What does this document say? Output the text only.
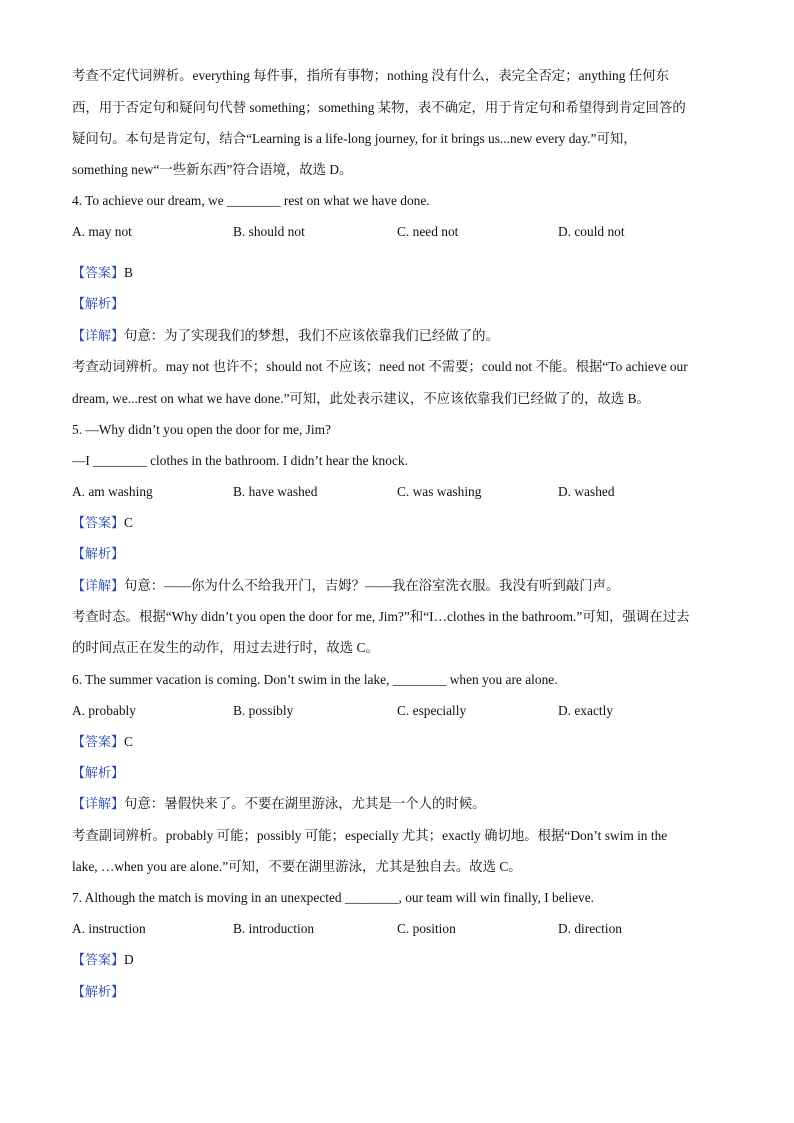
考查不定代词辨析。everything 每件事，指所有事物；nothing 没有什么，表完全否定；anything 任何东
西，用于否定句和疑问句代替 something；something 某物，表不确定，用于肯定句和希望得到肯定回答的
疑问句。本句是肯定句，结合“Learning is a life-long journey, for it brings us...new every day.”可知，
something new“一些新东西”符合语境，故选 D。
4. To achieve our dream, we ________ rest on what we have done.
A. may not	B. should not	C. need not	D. could not
【答案】B
【解析】
【详解】句意：为了实现我们的梦想，我们不应该依靠我们已经做了的。
考查动词辨析。may not 也许不；should not 不应该；need not 不需要；could not 不能。根据“To achieve our
dream, we...rest on what we have done.”可知，此处表示建议，不应该依靠我们已经做了的，故选 B。
5. —Why didn’t you open the door for me, Jim?
—I ________ clothes in the bathroom. I didn’t hear the knock.
A. am washing	B. have washed	C. was washing	D. washed
【答案】C
【解析】
【详解】句意：——你为什么不给我开门，吉姆？——我在浴室洗衣服。我没有听到敲门声。
考查时态。根据“Why didn’t you open the door for me, Jim?”和“I…clothes in the bathroom.”可知，强调在过去
的时间点正在发生的动作，用过去进行时，故选 C。
6. The summer vacation is coming. Don’t swim in the lake, ________ when you are alone.
A. probably	B. possibly	C. especially	D. exactly
【答案】C
【解析】
【详解】句意：暑假快来了。不要在湖里游泳，尤其是一个人的时候。
考查副词辨析。probably 可能；possibly 可能；especially 尤其；exactly 确切地。根据“Don’t swim in the
lake, …when you are alone.”可知，不要在湖里游泳，尤其是独自去。故选 C。
7. Although the match is moving in an unexpected ________, our team will win finally, I believe.
A. instruction	B. introduction	C. position	D. direction
【答案】D
【解析】
